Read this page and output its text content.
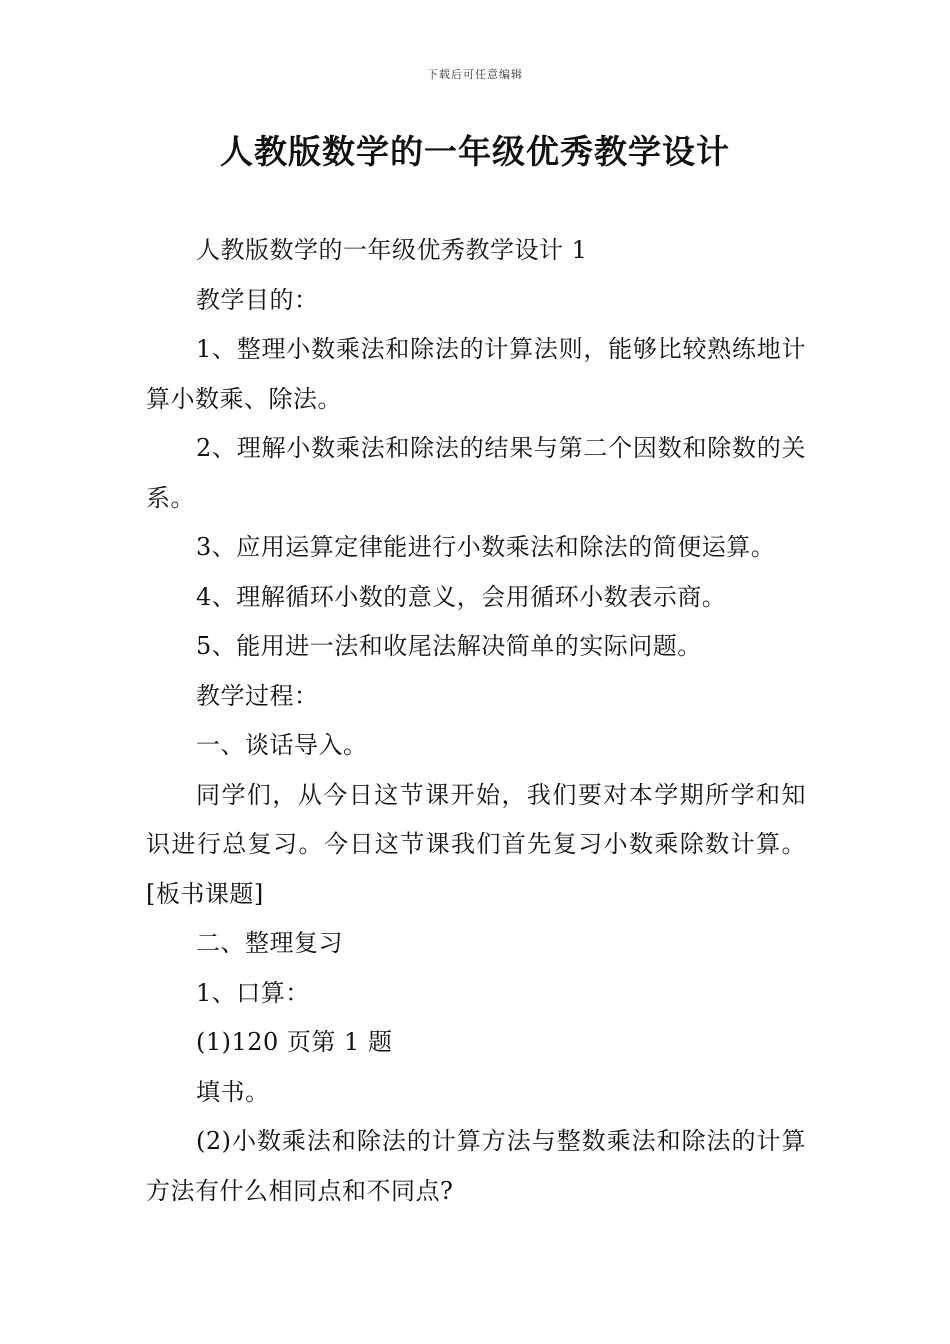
下载后可任意编辑
人教版数学的一年级优秀教学设计

人教版数学的一年级优秀教学设计 1

教学目的：

1、整理小数乘法和除法的计算法则，能够比较熟练地计算小数乘、除法。

2、理解小数乘法和除法的结果与第二个因数和除数的关系。

3、应用运算定律能进行小数乘法和除法的简便运算。

4、理解循环小数的意义，会用循环小数表示商。

5、能用进一法和收尾法解决简单的实际问题。

教学过程：

一、谈话导入。

同学们，从今日这节课开始，我们要对本学期所学和知识进行总复习。今日这节课我们首先复习小数乘除数计算。[板书课题]

二、整理复习

1、口算：

(1)120 页第 1 题

填书。

(2)小数乘法和除法的计算方法与整数乘法和除法的计算方法有什么相同点和不同点?
